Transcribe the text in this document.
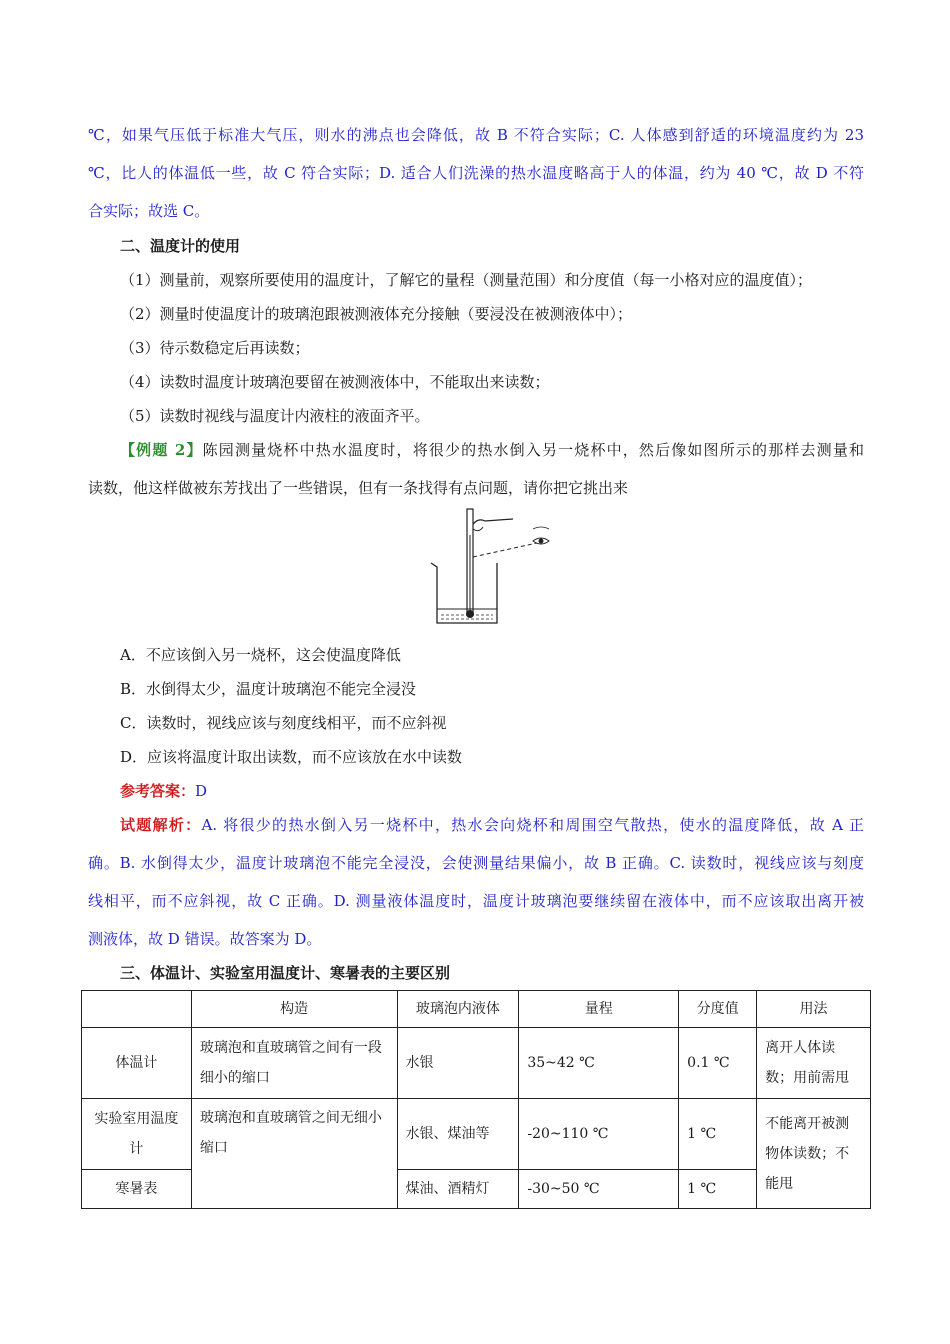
℃，如果气压低于标准大气压，则水的沸点也会降低，故 B 不符合实际；C. 人体感到舒适的环境温度约为 23
℃，比人的体温低一些，故 C 符合实际；D. 适合人们洗澡的热水温度略高于人的体温，约为 40 ℃，故 D 不符
合实际；故选 C。
二、温度计的使用
（1）测量前，观察所要使用的温度计，了解它的量程（测量范围）和分度值（每一小格对应的温度值）；
（2）测量时使温度计的玻璃泡跟被测液体充分接触（要浸没在被测液体中）；
（3）待示数稳定后再读数；
（4）读数时温度计玻璃泡要留在被测液体中，不能取出来读数；
（5）读数时视线与温度计内液柱的液面齐平。
【例题 2】陈园测量烧杯中热水温度时，将很少的热水倒入另一烧杯中，然后像如图所示的那样去测量和
读数，他这样做被东芳找出了一些错误，但有一条找得有点问题，请你把它挑出来
A．不应该倒入另一烧杯，这会使温度降低
B．水倒得太少，温度计玻璃泡不能完全浸没
C．读数时，视线应该与刻度线相平，而不应斜视
D．应该将温度计取出读数，而不应该放在水中读数
参考答案：D
试题解析：A. 将很少的热水倒入另一烧杯中，热水会向烧杯和周围空气散热，使水的温度降低，故 A 正
确。B. 水倒得太少，温度计玻璃泡不能完全浸没，会使测量结果偏小，故 B 正确。C. 读数时，视线应该与刻度
线相平，而不应斜视，故 C 正确。D. 测量液体温度时，温度计玻璃泡要继续留在液体中，而不应该取出离开被
测液体，故 D 错误。故答案为 D。
三、体温计、实验室用温度计、寒暑表的主要区别
	构造	玻璃泡内液体	量程	分度值	用法
体温计	玻璃泡和直玻璃管之间有一段细小的缩口	水银	35~42 ℃	0.1 ℃	离开人体读数；用前需甩
实验室用温度计	玻璃泡和直玻璃管之间无细小缩口	水银、煤油等	-20~110 ℃	1 ℃	不能离开被测物体读数；不能甩
寒暑表		煤油、酒精灯	-30~50 ℃	1 ℃	
